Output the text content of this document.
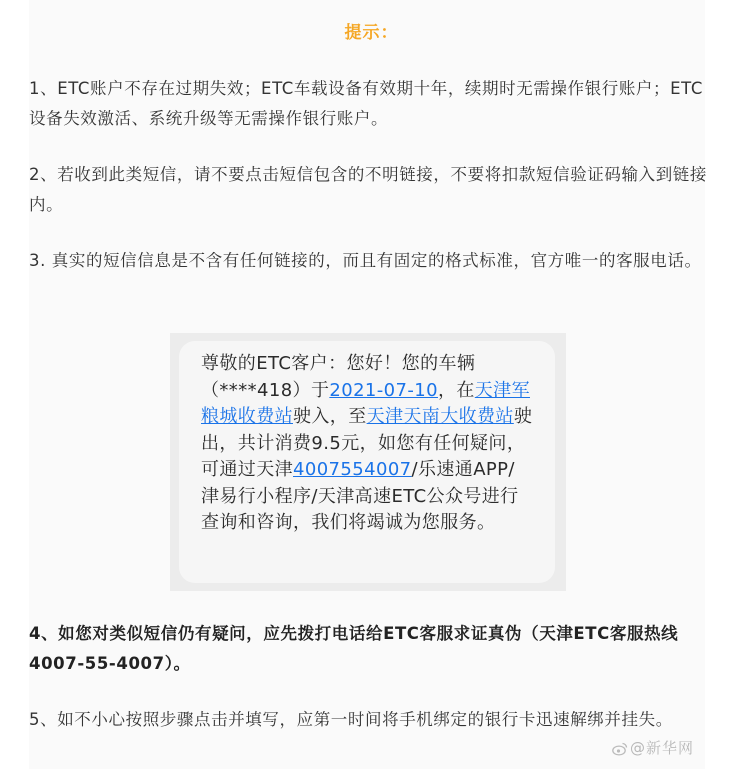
提示：
1、ETC账户不存在过期失效；ETC车载设备有效期十年，续期时无需操作银行账户；ETC设备失效激活、系统升级等无需操作银行账户。
2、若收到此类短信，请不要点击短信包含的不明链接，不要将扣款短信验证码输入到链接内。
3. 真实的短信信息是不含有任何链接的，而且有固定的格式标准，官方唯一的客服电话。
尊敬的ETC客户：您好！您的车辆（****418）于2021-07-10，在天津军粮城收费站驶入，至天津天南大收费站驶出，共计消费9.5元，如您有任何疑问，可通过天津4007554007/乐速通APP/津易行小程序/天津高速ETC公众号进行查询和咨询，我们将竭诚为您服务。
4、如您对类似短信仍有疑问，应先拨打电话给ETC客服求证真伪（天津ETC客服热线4007-55-4007）。
5、如不小心按照步骤点击并填写，应第一时间将手机绑定的银行卡迅速解绑并挂失。
@新华网
